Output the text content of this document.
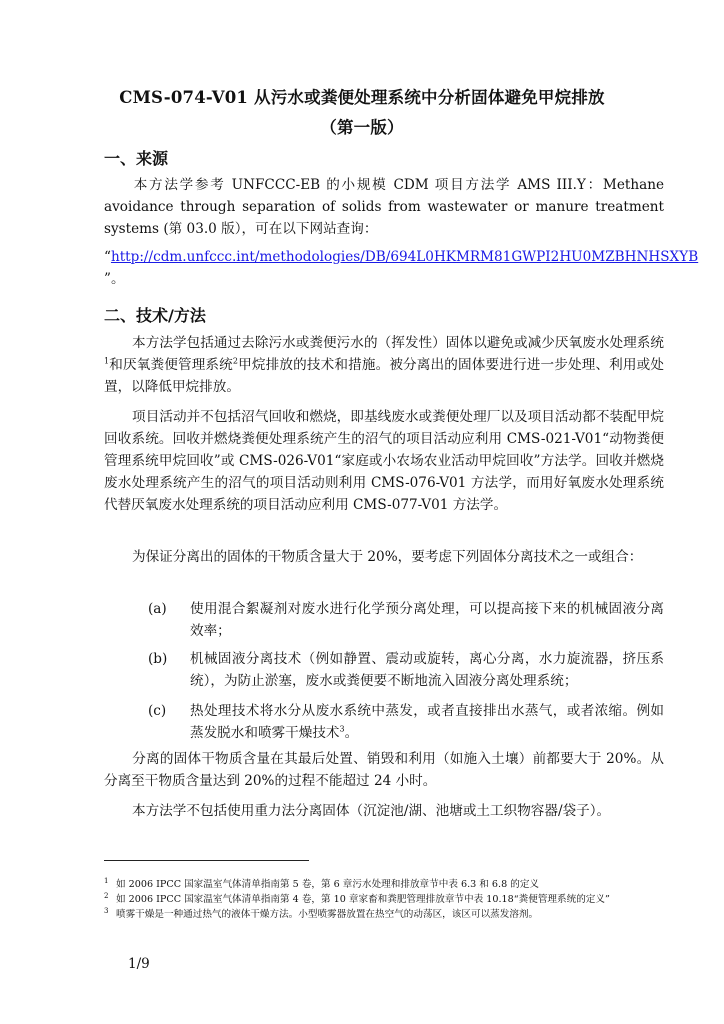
CMS-074-V01 从污水或粪便处理系统中分析固体避免甲烷排放
（第一版）
一、来源

本方法学参考 UNFCCC-EB 的小规模 CDM 项目方法学 AMS III.Y：Methane avoidance through separation of solids from wastewater or manure treatment systems (第 03.0 版），可在以下网站查询：

“http://cdm.unfccc.int/methodologies/DB/694L0HKMRM81GWPI2HU0MZBHNHSXYB
”。

二、技术/方法

本方法学包括通过去除污水或粪便污水的（挥发性）固体以避免或减少厌氧废水处理系统$^1$和厌氧粪便管理系统$^2$甲烷排放的技术和措施。被分离出的固体要进行进一步处理、利用或处置，以降低甲烷排放。

项目活动并不包括沼气回收和燃烧，即基线废水或粪便处理厂以及项目活动都不装配甲烷回收系统。回收并燃烧粪便处理系统产生的沼气的项目活动应利用 CMS-021-V01“动物粪便管理系统甲烷回收”或 CMS-026-V01“家庭或小农场农业活动甲烷回收”方法学。回收并燃烧废水处理系统产生的沼气的项目活动则利用 CMS-076-V01 方法学，而用好氧废水处理系统代替厌氧废水处理系统的项目活动应利用 CMS-077-V01 方法学。

为保证分离出的固体的干物质含量大于 20%，要考虑下列固体分离技术之一或组合：

(a)	使用混合絮凝剂对废水进行化学预分离处理，可以提高接下来的机械固液分离效率；
(b)	机械固液分离技术（例如静置、震动或旋转，离心分离，水力旋流器，挤压系统），为防止淤塞，废水或粪便要不断地流入固液分离处理系统；
(c)	热处理技术将水分从废水系统中蒸发，或者直接排出水蒸气，或者浓缩。例如蒸发脱水和喷雾干燥技术$^3$。

分离的固体干物质含量在其最后处置、销毁和利用（如施入土壤）前都要大于 20%。从分离至干物质含量达到 20%的过程不能超过 24 小时。

本方法学不包括使用重力法分离固体（沉淀池/湖、池塘或土工织物容器/袋子）。

1 如 2006 IPCC 国家温室气体清单指南第 5 卷，第 6 章污水处理和排放章节中表 6.3 和 6.8 的定义
2 如 2006 IPCC 国家温室气体清单指南第 4 卷，第 10 章家畜和粪肥管理排放章节中表 10.18“粪便管理系统的定义”
3 喷雾干燥是一种通过热气的液体干燥方法。小型喷雾器放置在热空气的动荡区，该区可以蒸发溶剂。
1/9
